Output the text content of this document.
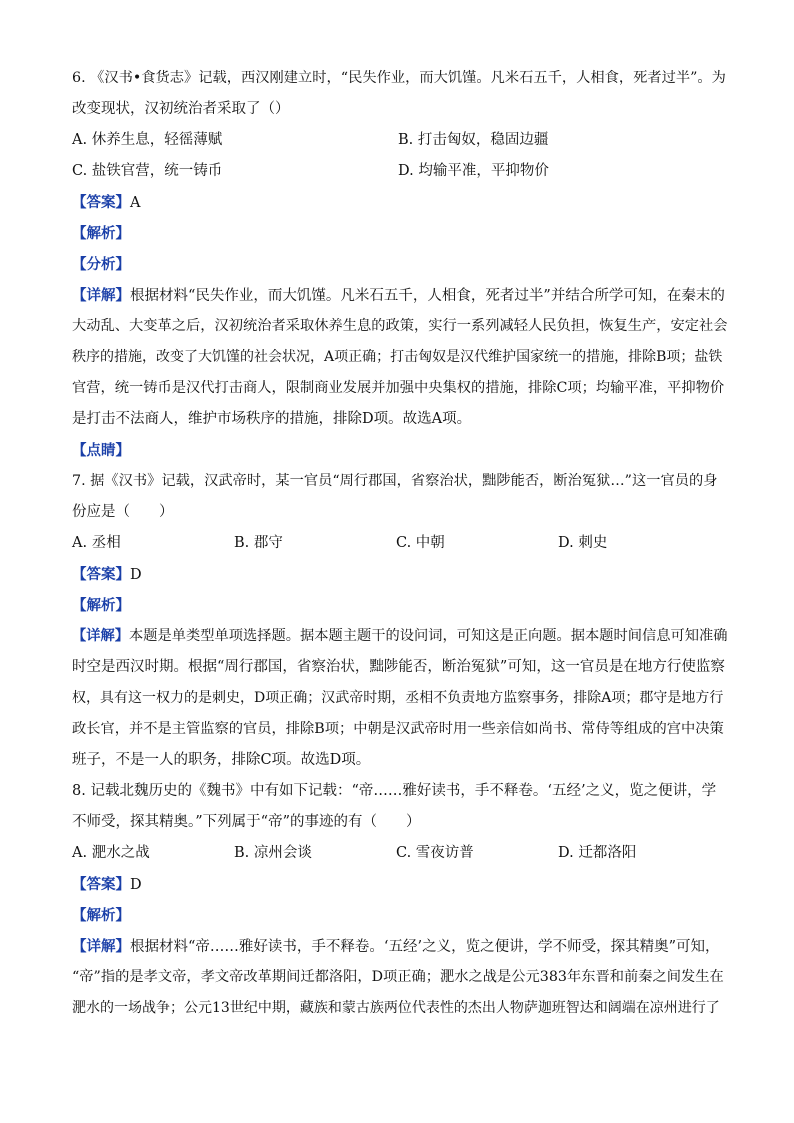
6. 《汉书•食货志》记载，西汉刚建立时，“民失作业，而大饥馑。凡米石五千，人相食，死者过半”。为
改变现状，汉初统治者采取了（）
A. 休养生息，轻徭薄赋	B. 打击匈奴，稳固边疆
C. 盐铁官营，统一铸币	D. 均输平准，平抑物价
【答案】A
【解析】
【分析】
【详解】根据材料“民失作业，而大饥馑。凡米石五千，人相食，死者过半”并结合所学可知，在秦末的
大动乱、大变革之后，汉初统治者采取休养生息的政策，实行一系列减轻人民负担，恢复生产，安定社会
秩序的措施，改变了大饥馑的社会状况，A项正确；打击匈奴是汉代维护国家统一的措施，排除B项；盐铁
官营，统一铸币是汉代打击商人，限制商业发展并加强中央集权的措施，排除C项；均输平准，平抑物价
是打击不法商人，维护市场秩序的措施，排除D项。故选A项。
【点睛】
7. 据《汉书》记载，汉武帝时，某一官员“周行郡国，省察治状，黜陟能否，断治冤狱…”这一官员的身
份应是（　　）
A. 丞相	B. 郡守	C. 中朝	D. 刺史
【答案】D
【解析】
【详解】本题是单类型单项选择题。据本题主题干的设问词，可知这是正向题。据本题时间信息可知准确
时空是西汉时期。根据“周行郡国，省察治状，黜陟能否，断治冤狱”可知，这一官员是在地方行使监察
权，具有这一权力的是刺史，D项正确；汉武帝时期，丞相不负责地方监察事务，排除A项；郡守是地方行
政长官，并不是主管监察的官员，排除B项；中朝是汉武帝时用一些亲信如尚书、常侍等组成的宫中决策
班子，不是一人的职务，排除C项。故选D项。
8. 记载北魏历史的《魏书》中有如下记载：“帝……雅好读书，手不释卷。‘五经’之义，览之便讲，学
不师受，探其精奥。”下列属于“帝”的事迹的有（　　）
A. 淝水之战	B. 凉州会谈	C. 雪夜访普	D. 迁都洛阳
【答案】D
【解析】
【详解】根据材料“帝……雅好读书，手不释卷。‘五经’之义，览之便讲，学不师受，探其精奥”可知，
“帝”指的是孝文帝，孝文帝改革期间迁都洛阳，D项正确；淝水之战是公元383年东晋和前秦之间发生在
淝水的一场战争；公元13世纪中期，藏族和蒙古族两位代表性的杰出人物萨迦班智达和阔端在凉州进行了
